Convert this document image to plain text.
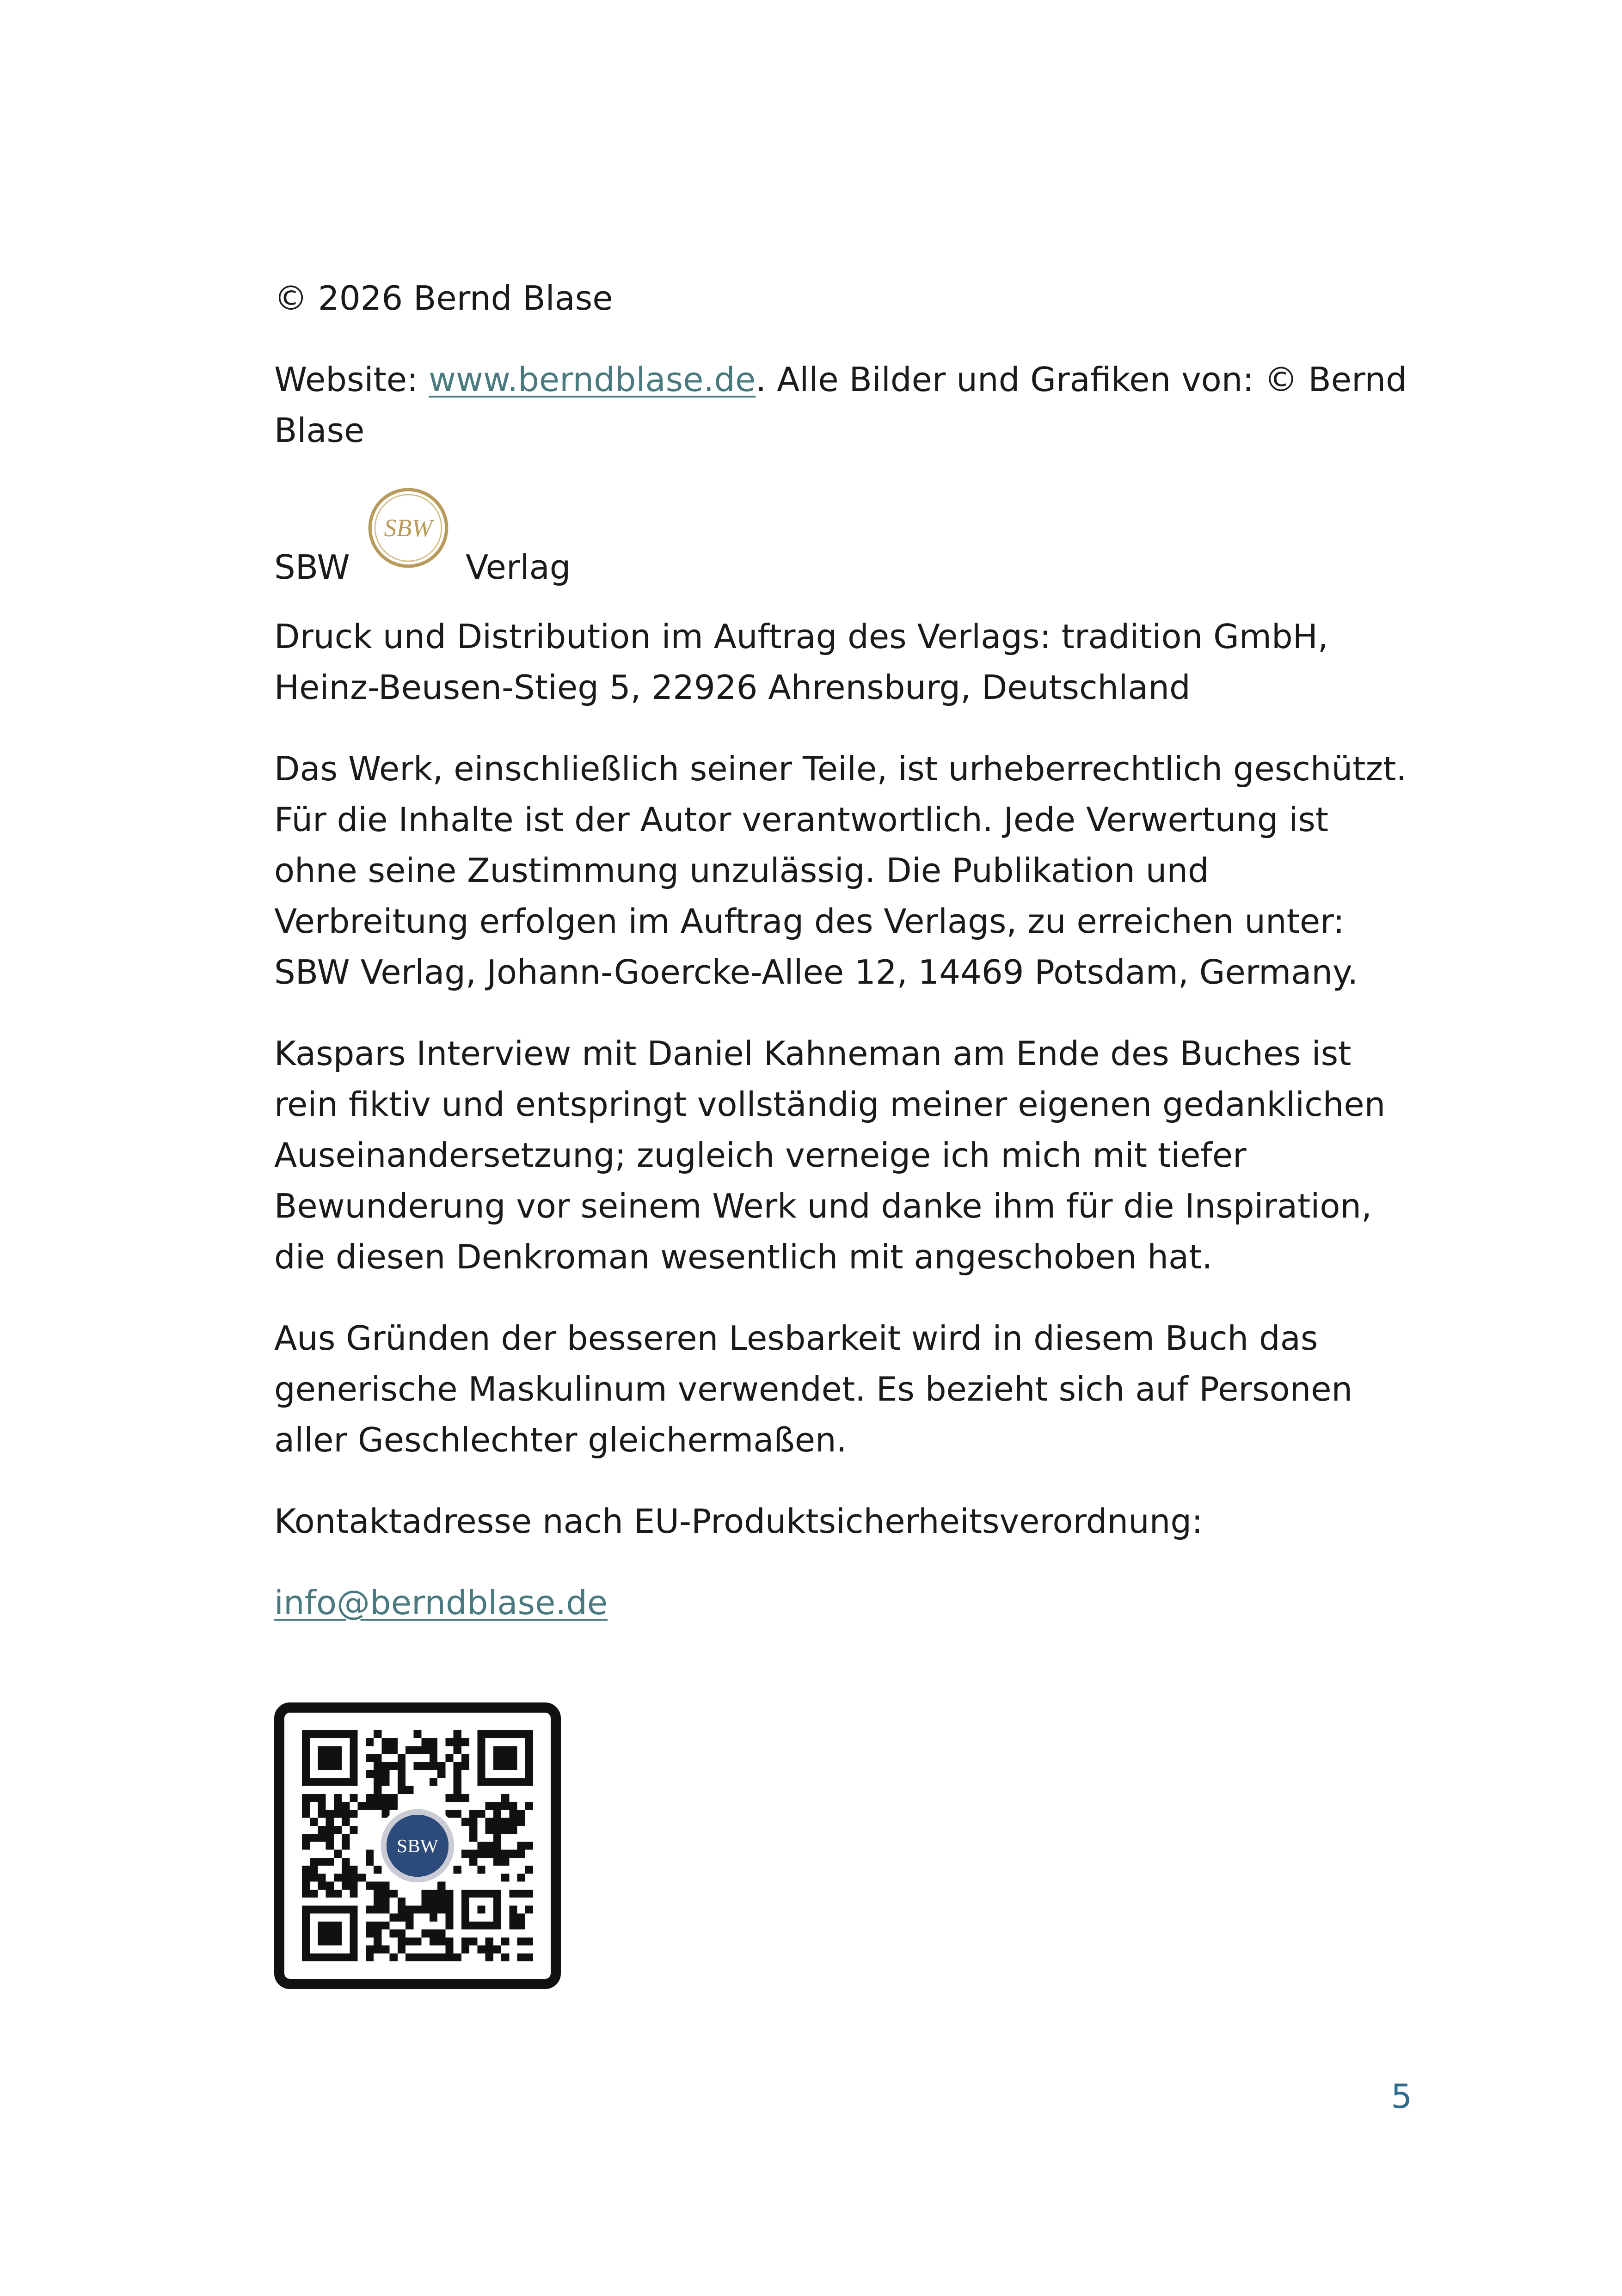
© 2026 Bernd Blase

Website: www.berndblase.de. Alle Bilder und Grafiken von: © Bernd Blase

SBW
SBW
Verlag

Druck und Distribution im Auftrag des Verlags: tradition GmbH, Heinz-Beusen-Stieg 5, 22926 Ahrensburg, Deutschland

Das Werk, einschließlich seiner Teile, ist urheberrechtlich geschützt. Für die Inhalte ist der Autor verantwortlich. Jede Verwertung ist ohne seine Zustimmung unzulässig. Die Publikation und Verbreitung erfolgen im Auftrag des Verlags, zu erreichen unter: SBW Verlag, Johann-Goercke-Allee 12, 14469 Potsdam, Germany.

Kaspars Interview mit Daniel Kahneman am Ende des Buches ist rein fiktiv und entspringt vollständig meiner eigenen gedanklichen Auseinandersetzung; zugleich verneige ich mich mit tiefer Bewunderung vor seinem Werk und danke ihm für die Inspiration, die diesen Denkroman wesentlich mit angeschoben hat.

Aus Gründen der besseren Lesbarkeit wird in diesem Buch das generische Maskulinum verwendet. Es bezieht sich auf Personen aller Geschlechter gleichermaßen.

Kontaktadresse nach EU-Produktsicherheitsverordnung:

info@berndblase.de

SBW
5
